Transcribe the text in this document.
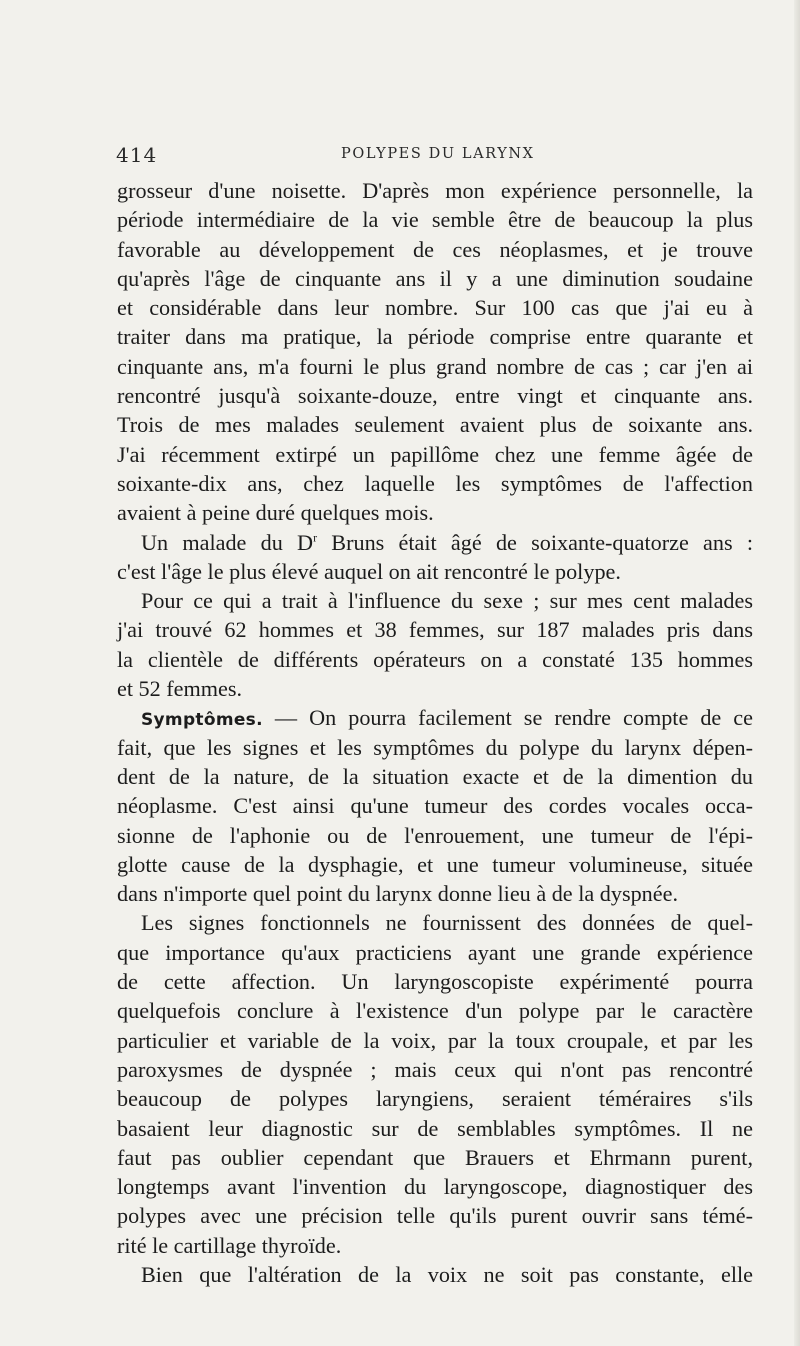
414	POLYPES DU LARYNX
grosseur d'une noisette. D'après mon expérience personnelle, la
période intermédiaire de la vie semble être de beaucoup la plus
favorable au développement de ces néoplasmes, et je trouve
qu'après l'âge de cinquante ans il y a une diminution soudaine
et considérable dans leur nombre. Sur 100 cas que j'ai eu à
traiter dans ma pratique, la période comprise entre quarante et
cinquante ans, m'a fourni le plus grand nombre de cas ; car j'en ai
rencontré jusqu'à soixante-douze, entre vingt et cinquante ans.
Trois de mes malades seulement avaient plus de soixante ans.
J'ai récemment extirpé un papillôme chez une femme âgée de
soixante-dix ans, chez laquelle les symptômes de l'affection
avaient à peine duré quelques mois.
Un malade du $D^r$ Bruns était âgé de soixante-quatorze ans :
c'est l'âge le plus élevé auquel on ait rencontré le polype.
Pour ce qui a trait à l'influence du sexe ; sur mes cent malades
j'ai trouvé 62 hommes et 38 femmes, sur 187 malades pris dans
la clientèle de différents opérateurs on a constaté 135 hommes
et 52 femmes.
Symptômes. — On pourra facilement se rendre compte de ce
fait, que les signes et les symptômes du polype du larynx dépen-
dent de la nature, de la situation exacte et de la dimention du
néoplasme. C'est ainsi qu'une tumeur des cordes vocales occa-
sionne de l'aphonie ou de l'enrouement, une tumeur de l'épi-
glotte cause de la dysphagie, et une tumeur volumineuse, située
dans n'importe quel point du larynx donne lieu à de la dyspnée.
Les signes fonctionnels ne fournissent des données de quel-
que importance qu'aux practiciens ayant une grande expérience
de cette affection. Un laryngoscopiste expérimenté pourra
quelquefois conclure à l'existence d'un polype par le caractère
particulier et variable de la voix, par la toux croupale, et par les
paroxysmes de dyspnée ; mais ceux qui n'ont pas rencontré
beaucoup de polypes laryngiens, seraient téméraires s'ils
basaient leur diagnostic sur de semblables symptômes. Il ne
faut pas oublier cependant que Brauers et Ehrmann purent,
longtemps avant l'invention du laryngoscope, diagnostiquer des
polypes avec une précision telle qu'ils purent ouvrir sans témé-
rité le cartillage thyroïde.
Bien que l'altération de la voix ne soit pas constante, elle
